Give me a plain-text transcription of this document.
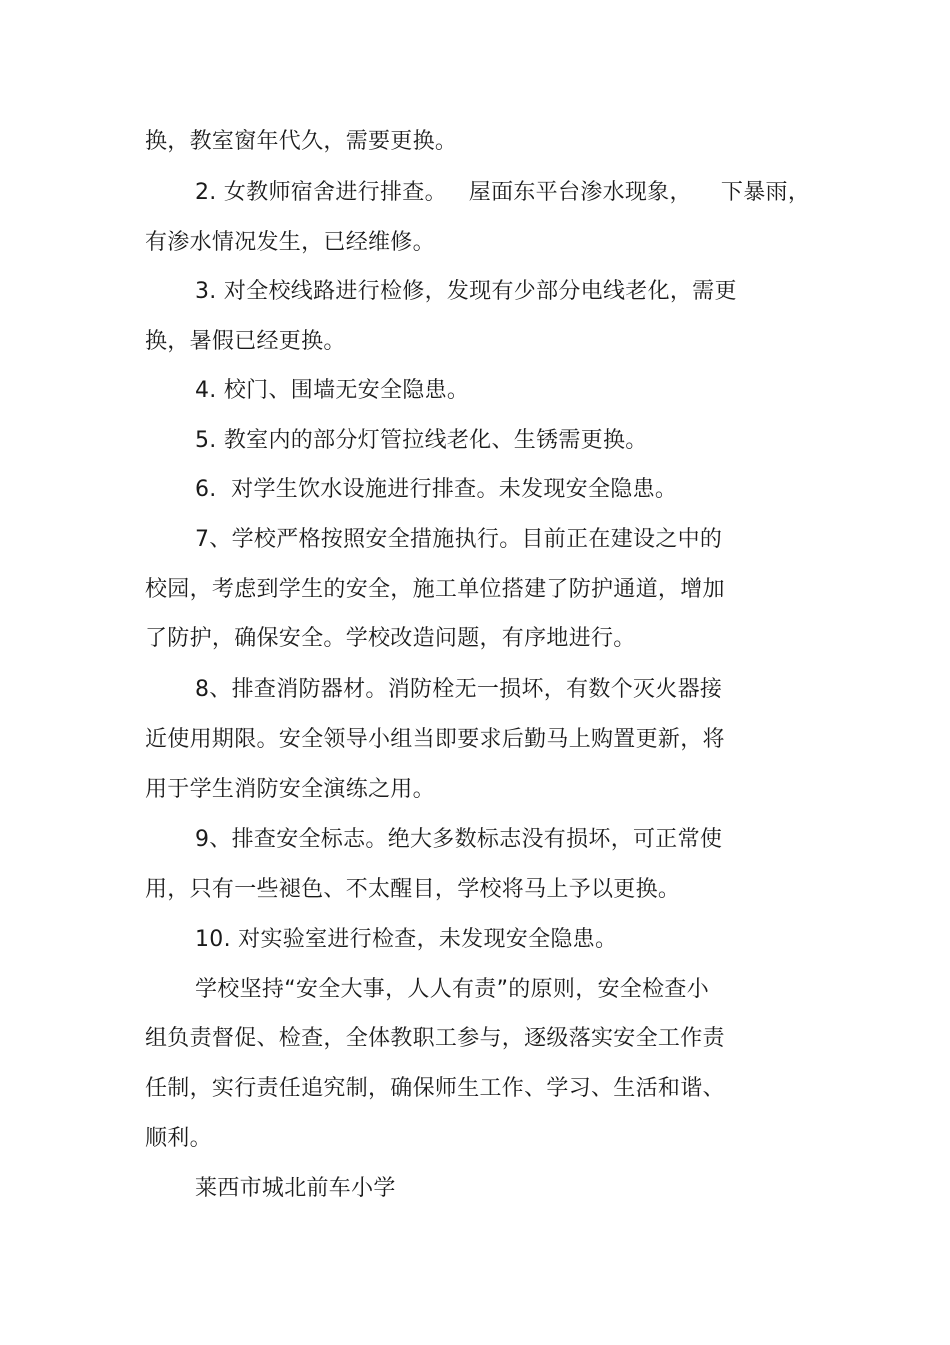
换，教室窗年代久，需要更换。
2. 女教师宿舍进行排查。   屋面东平台渗水现象，    下暴雨，
有渗水情况发生，已经维修。
3. 对全校线路进行检修，发现有少部分电线老化，需更
换，暑假已经更换。
4. 校门、围墙无安全隐患。
5. 教室内的部分灯管拉线老化、生锈需更换。
6.  对学生饮水设施进行排查。未发现安全隐患。
7、学校严格按照安全措施执行。目前正在建设之中的
校园，考虑到学生的安全，施工单位搭建了防护通道，增加
了防护，确保安全。学校改造问题，有序地进行。
8、排查消防器材。消防栓无一损坏，有数个灭火器接
近使用期限。安全领导小组当即要求后勤马上购置更新，将
用于学生消防安全演练之用。
9、排查安全标志。绝大多数标志没有损坏，可正常使
用，只有一些褪色、不太醒目，学校将马上予以更换。
10. 对实验室进行检查，未发现安全隐患。
学校坚持“安全大事，人人有责”的原则，安全检查小
组负责督促、检查，全体教职工参与，逐级落实安全工作责
任制，实行责任追究制，确保师生工作、学习、生活和谐、
顺利。
莱西市城北前车小学
